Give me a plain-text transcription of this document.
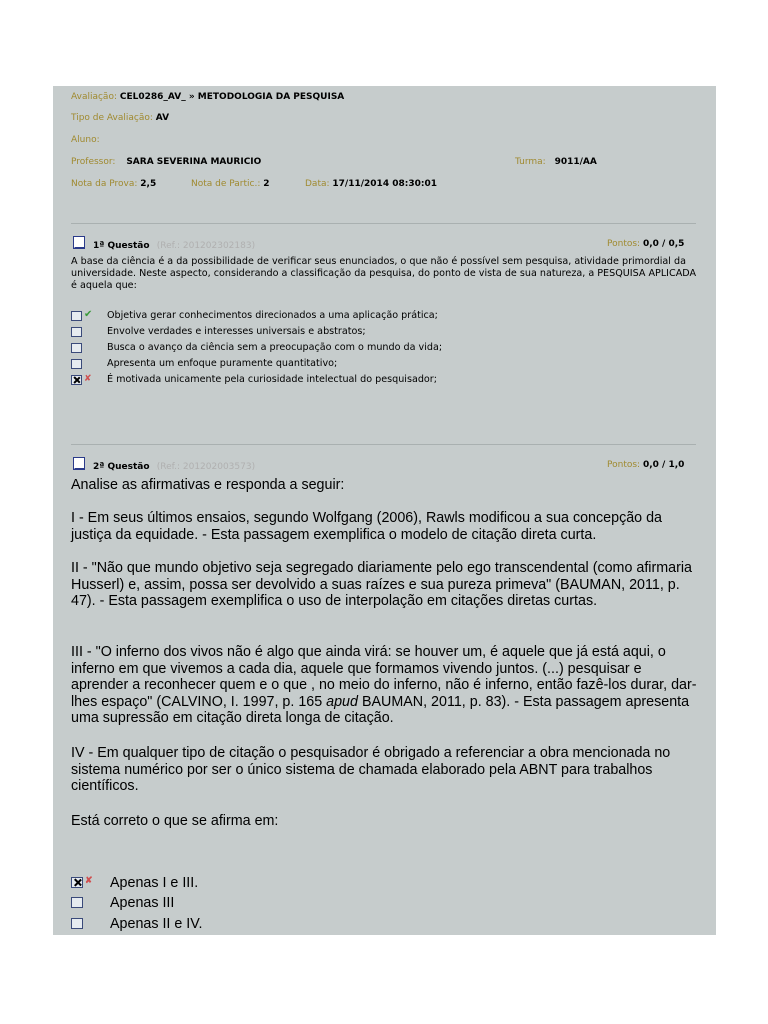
Avaliação: CEL0286_AV_ » METODOLOGIA DA PESQUISA
Tipo de Avaliação: AV
Aluno:
Professor: SARA SEVERINA MAURICIO	Turma: 9011/AA
Nota da Prova: 2,5	Nota de Partic.: 2	Data: 17/11/2014 08:30:01
1ª Questão (Ref.: 201202302183)	Pontos: 0,0 / 0,5
A base da ciência é a da possibilidade de verificar seus enunciados, o que não é possível sem pesquisa, atividade primordial da universidade. Neste aspecto, considerando a classificação da pesquisa, do ponto de vista de sua natureza, a PESQUISA APLICADA é aquela que:
✔ Objetiva gerar conhecimentos direcionados a uma aplicação prática;
Envolve verdades e interesses universais e abstratos;
Busca o avanço da ciência sem a preocupação com o mundo da vida;
Apresenta um enfoque puramente quantitativo;
✘ É motivada unicamente pela curiosidade intelectual do pesquisador;
2ª Questão (Ref.: 201202003573)	Pontos: 0,0 / 1,0

Analise as afirmativas e responda a seguir:

I - Em seus últimos ensaios, segundo Wolfgang (2006), Rawls modificou a sua concepção da justiça da equidade. - Esta passagem exemplifica o modelo de citação direta curta.

II - "Não que mundo objetivo seja segregado diariamente pelo ego transcendental (como afirmaria Husserl) e, assim, possa ser devolvido a suas raízes e sua pureza primeva" (BAUMAN, 2011, p. 47). - Esta passagem exemplifica o uso de interpolação em citações diretas curtas.

III - "O inferno dos vivos não é algo que ainda virá: se houver um, é aquele que já está aqui, o inferno em que vivemos a cada dia, aquele que formamos vivendo juntos. (...) pesquisar e aprender a reconhecer quem e o que , no meio do inferno, não é inferno, então fazê-los durar, dar-lhes espaço" (CALVINO, I. 1997, p. 165 apud BAUMAN, 2011, p. 83). - Esta passagem apresenta uma supressão em citação direta longa de citação.

IV - Em qualquer tipo de citação o pesquisador é obrigado a referenciar a obra mencionada no sistema numérico por ser o único sistema de chamada elaborado pela ABNT para trabalhos científicos.

Está correto o que se afirma em:

✘ Apenas I e III.
Apenas III
Apenas II e IV.
